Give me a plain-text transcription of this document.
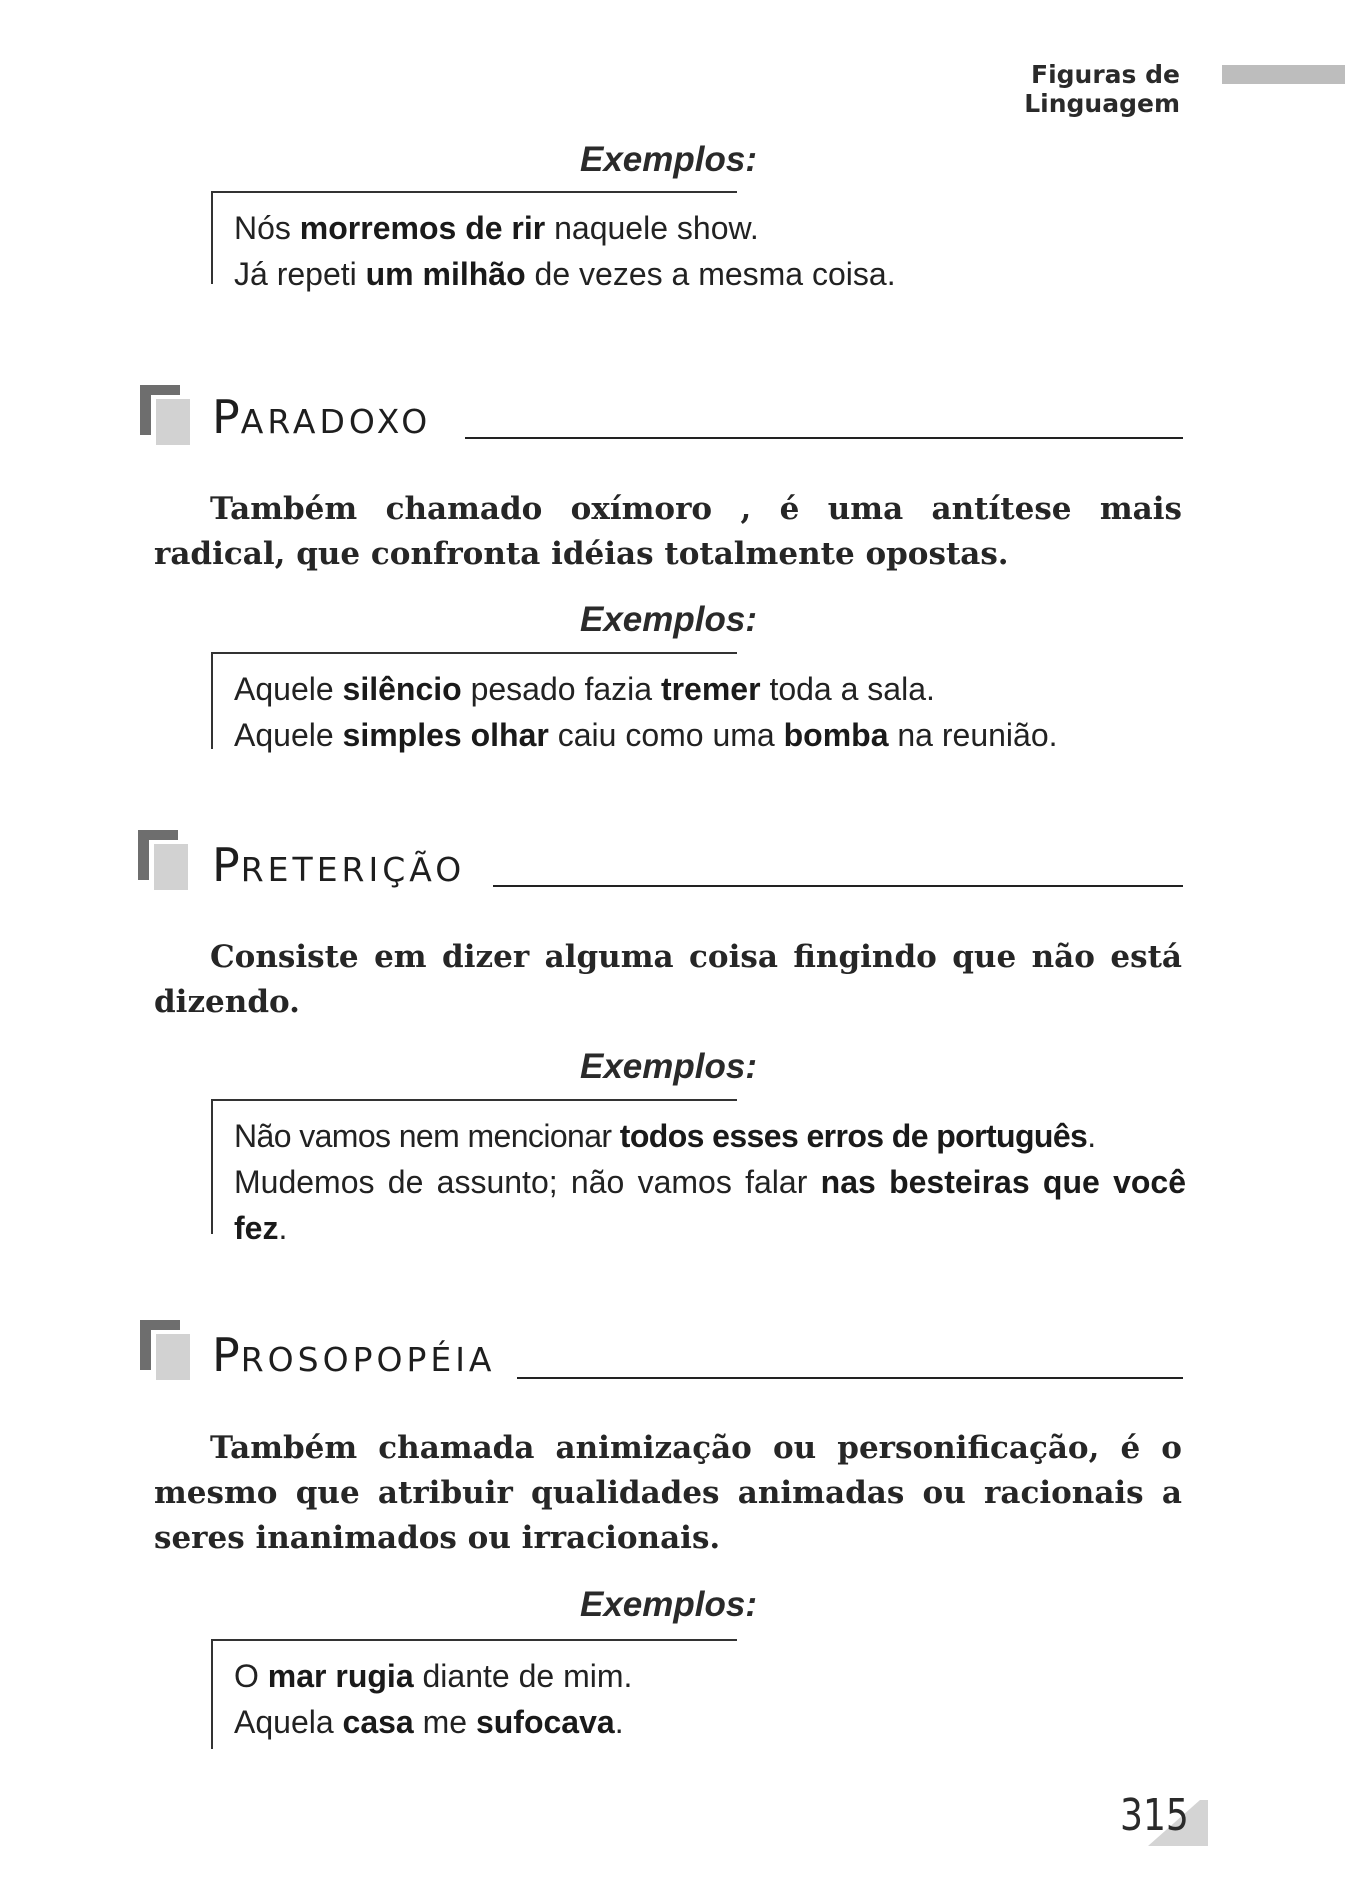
Figuras de Linguagem
Exemplos:
Nós morremos de rir naquele show.
Já repeti um milhão de vezes a mesma coisa.
PARADOXO

Também chamado oxímoro , é uma antítese mais radical, que confronta idéias totalmente opostas.

Exemplos:
Aquele silêncio pesado fazia tremer toda a sala.
Aquele simples olhar caiu como uma bomba na reunião.
PRETERIÇÃO

Consiste em dizer alguma coisa fingindo que não está dizendo.

Exemplos:
Não vamos nem mencionar todos esses erros de português.
Mudemos de assunto; não vamos falar nas besteiras que você fez.
PROSOPOPÉIA

Também chamada animização ou personificação, é o mesmo que atribuir qualidades animadas ou racionais a seres inanimados ou irracionais.

Exemplos:
O mar rugia diante de mim.
Aquela casa me sufocava.
315
